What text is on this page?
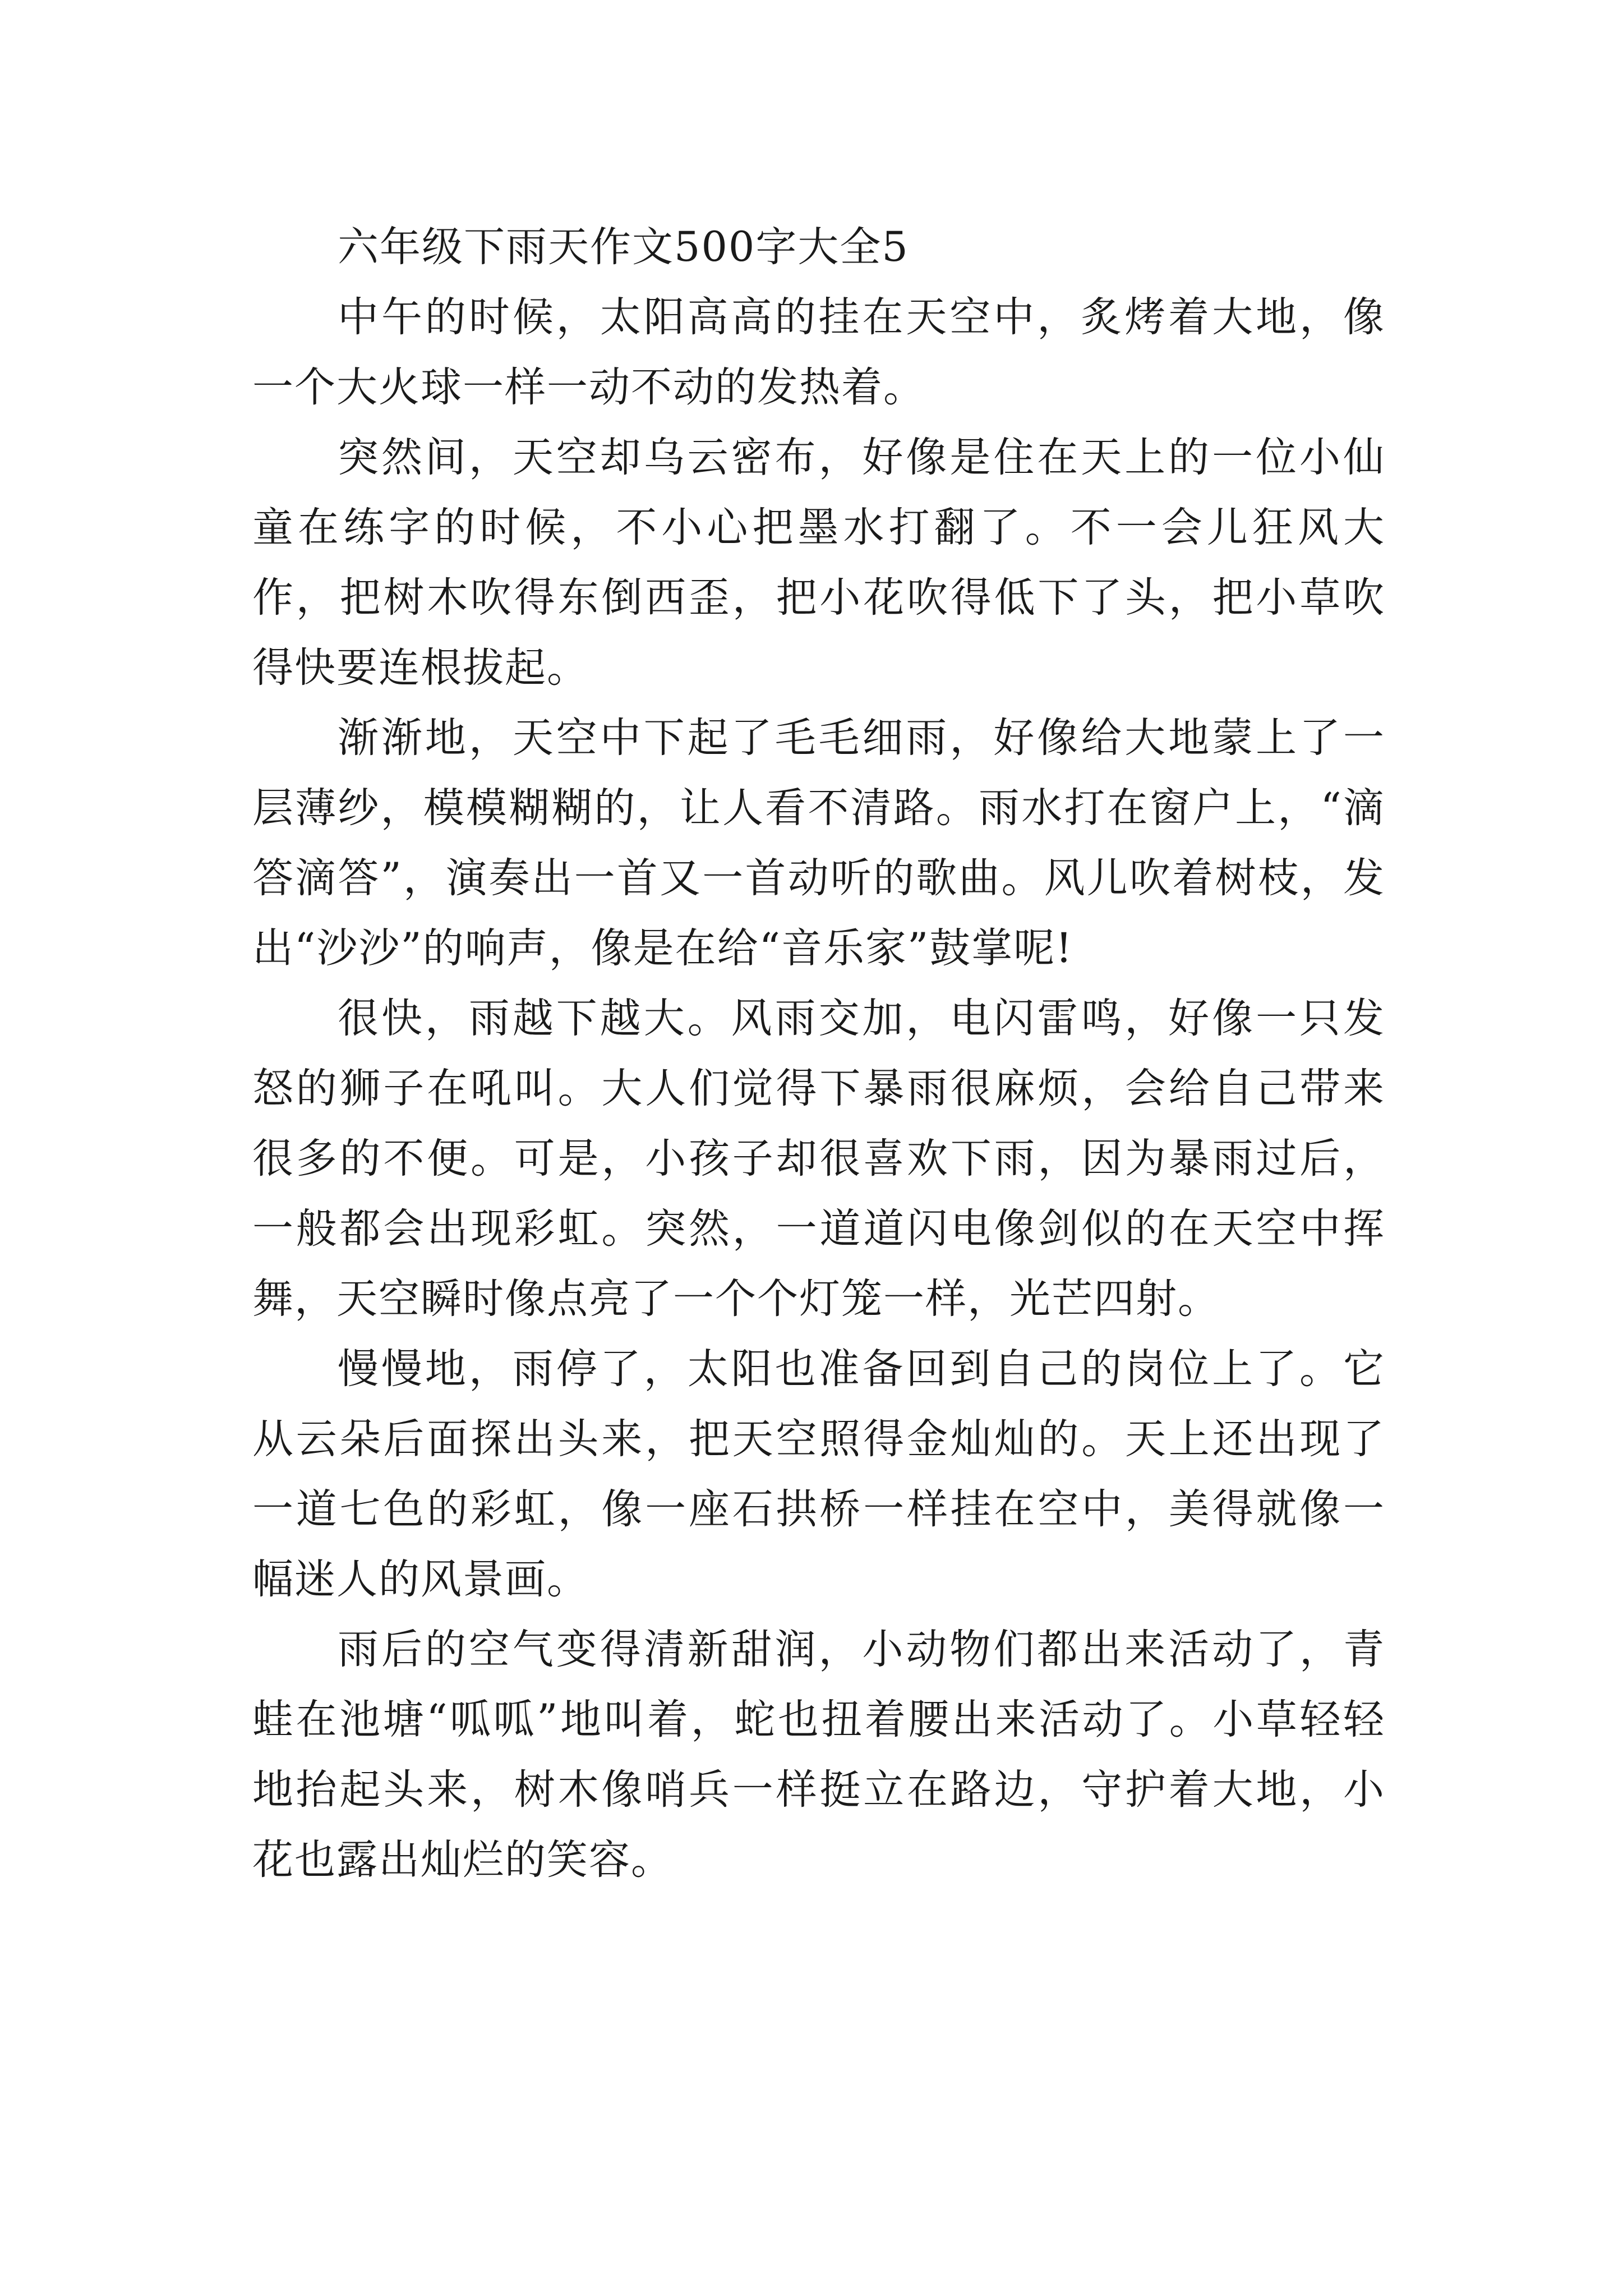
六年级下雨天作文500字大全5

中午的时候，太阳高高的挂在天空中，炙烤着大地，像一个大火球一样一动不动的发热着。

突然间，天空却乌云密布，好像是住在天上的一位小仙童在练字的时候，不小心把墨水打翻了。不一会儿狂风大作，把树木吹得东倒西歪，把小花吹得低下了头，把小草吹得快要连根拔起。

渐渐地，天空中下起了毛毛细雨，好像给大地蒙上了一层薄纱，模模糊糊的，让人看不清路。雨水打在窗户上，“滴答滴答”，演奏出一首又一首动听的歌曲。风儿吹着树枝，发出“沙沙”的响声，像是在给“音乐家”鼓掌呢!

很快，雨越下越大。风雨交加，电闪雷鸣，好像一只发怒的狮子在吼叫。大人们觉得下暴雨很麻烦，会给自己带来很多的不便。可是，小孩子却很喜欢下雨，因为暴雨过后，一般都会出现彩虹。突然，一道道闪电像剑似的在天空中挥舞，天空瞬时像点亮了一个个灯笼一样，光芒四射。

慢慢地，雨停了，太阳也准备回到自己的岗位上了。它从云朵后面探出头来，把天空照得金灿灿的。天上还出现了一道七色的彩虹，像一座石拱桥一样挂在空中，美得就像一幅迷人的风景画。

雨后的空气变得清新甜润，小动物们都出来活动了，青蛙在池塘“呱呱”地叫着，蛇也扭着腰出来活动了。小草轻轻地抬起头来，树木像哨兵一样挺立在路边，守护着大地，小花也露出灿烂的笑容。
